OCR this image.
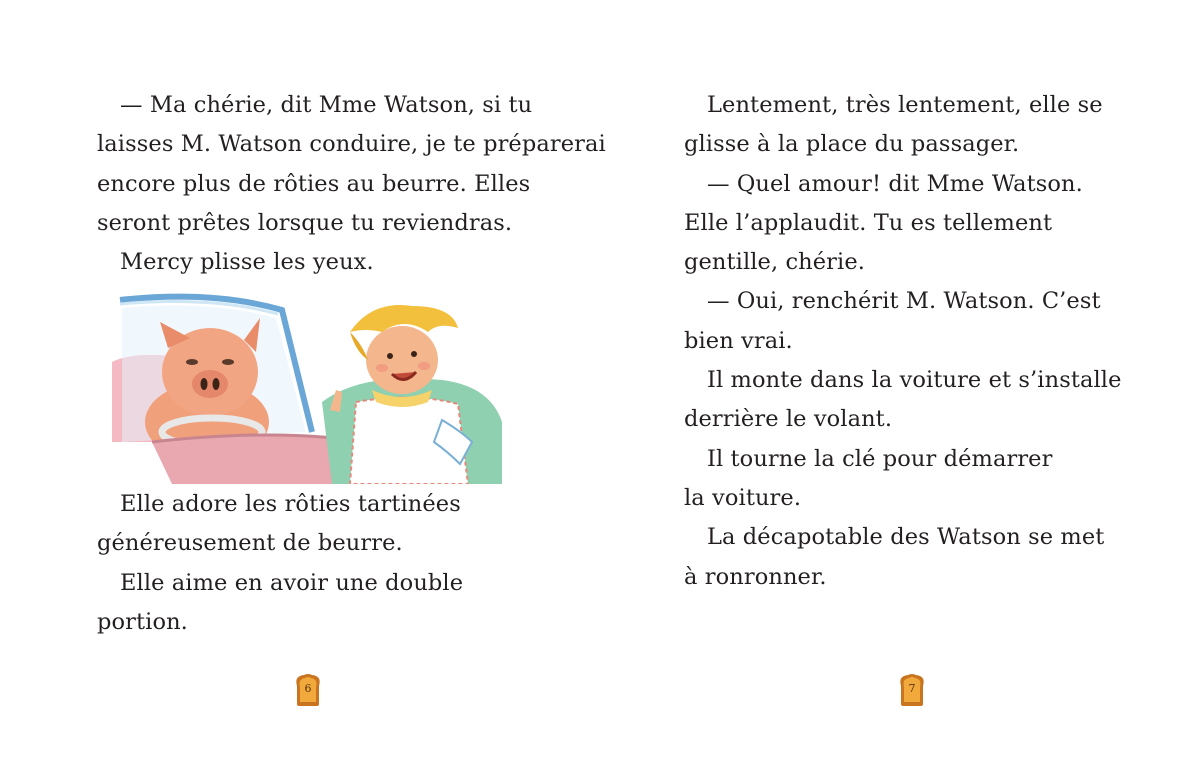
— Ma chérie, dit Mme Watson, si tu
laisses M. Watson conduire, je te préparerai
encore plus de rôties au beurre. Elles
seront prêtes lorsque tu reviendras.
Mercy plisse les yeux.
Elle adore les rôties tartinées
généreusement de beurre.
Elle aime en avoir une double
portion.
6
Lentement, très lentement, elle se
glisse à la place du passager.
— Quel amour! dit Mme Watson.
Elle l’applaudit. Tu es tellement
gentille, chérie.
— Oui, renchérit M. Watson. C’est
bien vrai.
Il monte dans la voiture et s’installe
derrière le volant.
Il tourne la clé pour démarrer
la voiture.
La décapotable des Watson se met
à ronronner.
7
